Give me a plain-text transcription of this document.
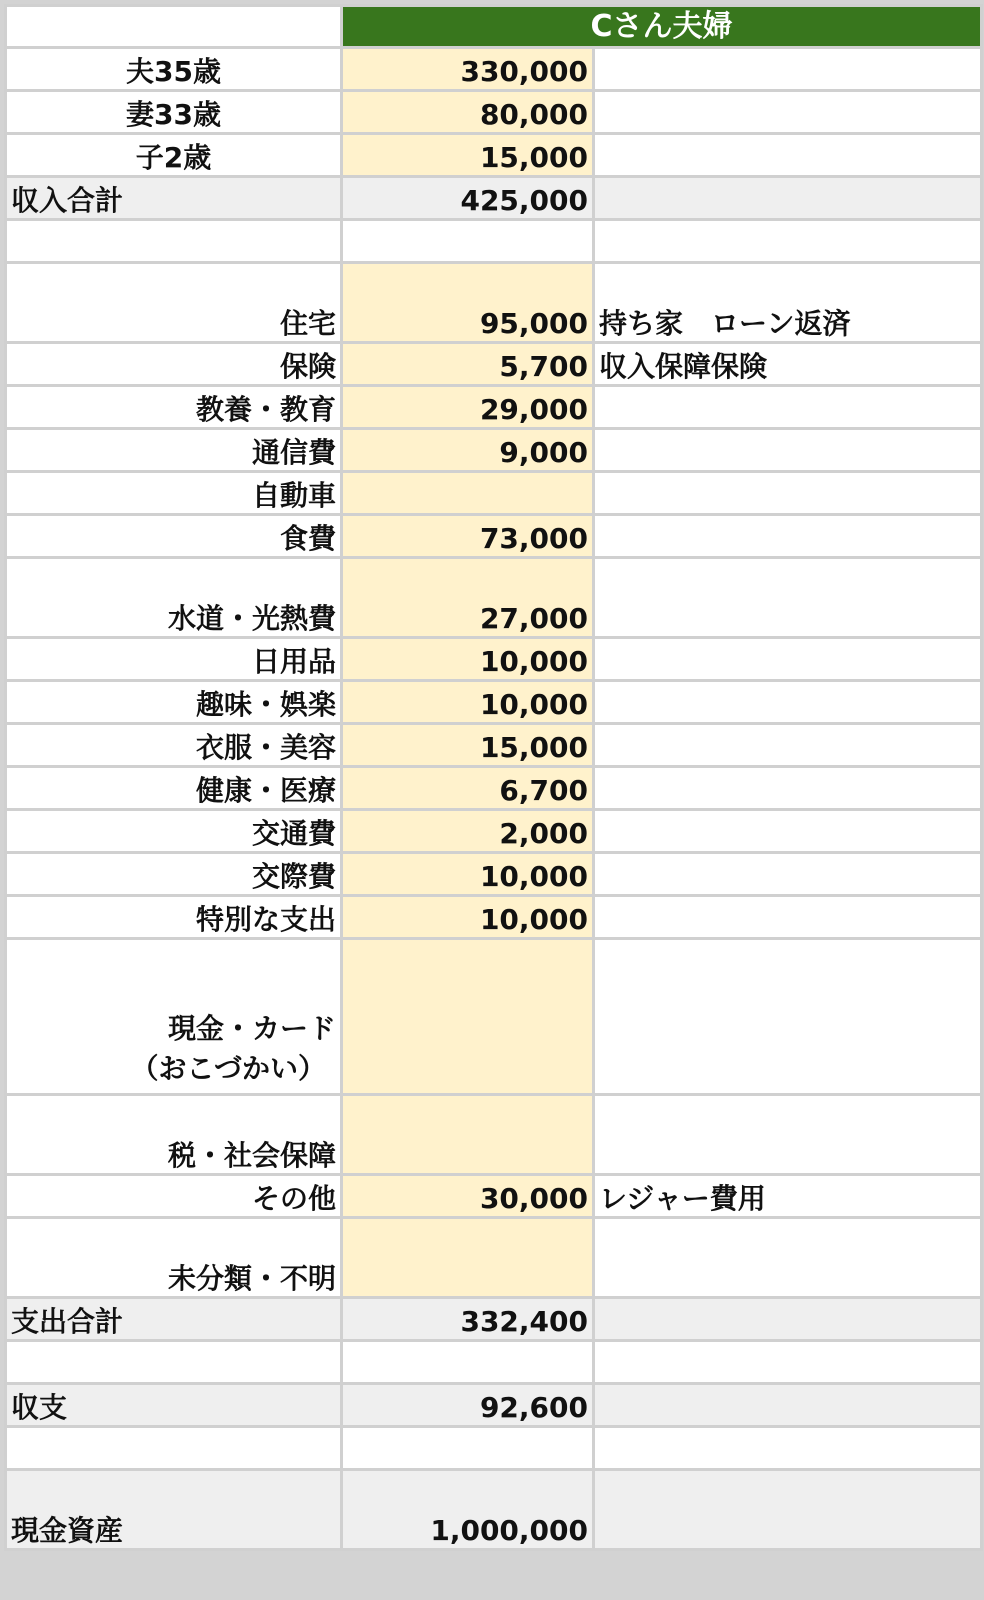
	Cさん夫婦	
夫35歳	330,000	
妻33歳	80,000	
子2歳	15,000	
収入合計	425,000	

住宅	95,000	持ち家　ローン返済
保険	5,700	収入保障保険
教養・教育	29,000	
通信費	9,000	
自動車		
食費	73,000	
水道・光熱費	27,000	
日用品	10,000	
趣味・娯楽	10,000	
衣服・美容	15,000	
健康・医療	6,700	
交通費	2,000	
交際費	10,000	
特別な支出	10,000	

現金・カード
（おこづかい）		

税・社会保障		
その他	30,000	レジャー費用
未分類・不明		
支出合計	332,400	

収支	92,600	

現金資産	1,000,000	
